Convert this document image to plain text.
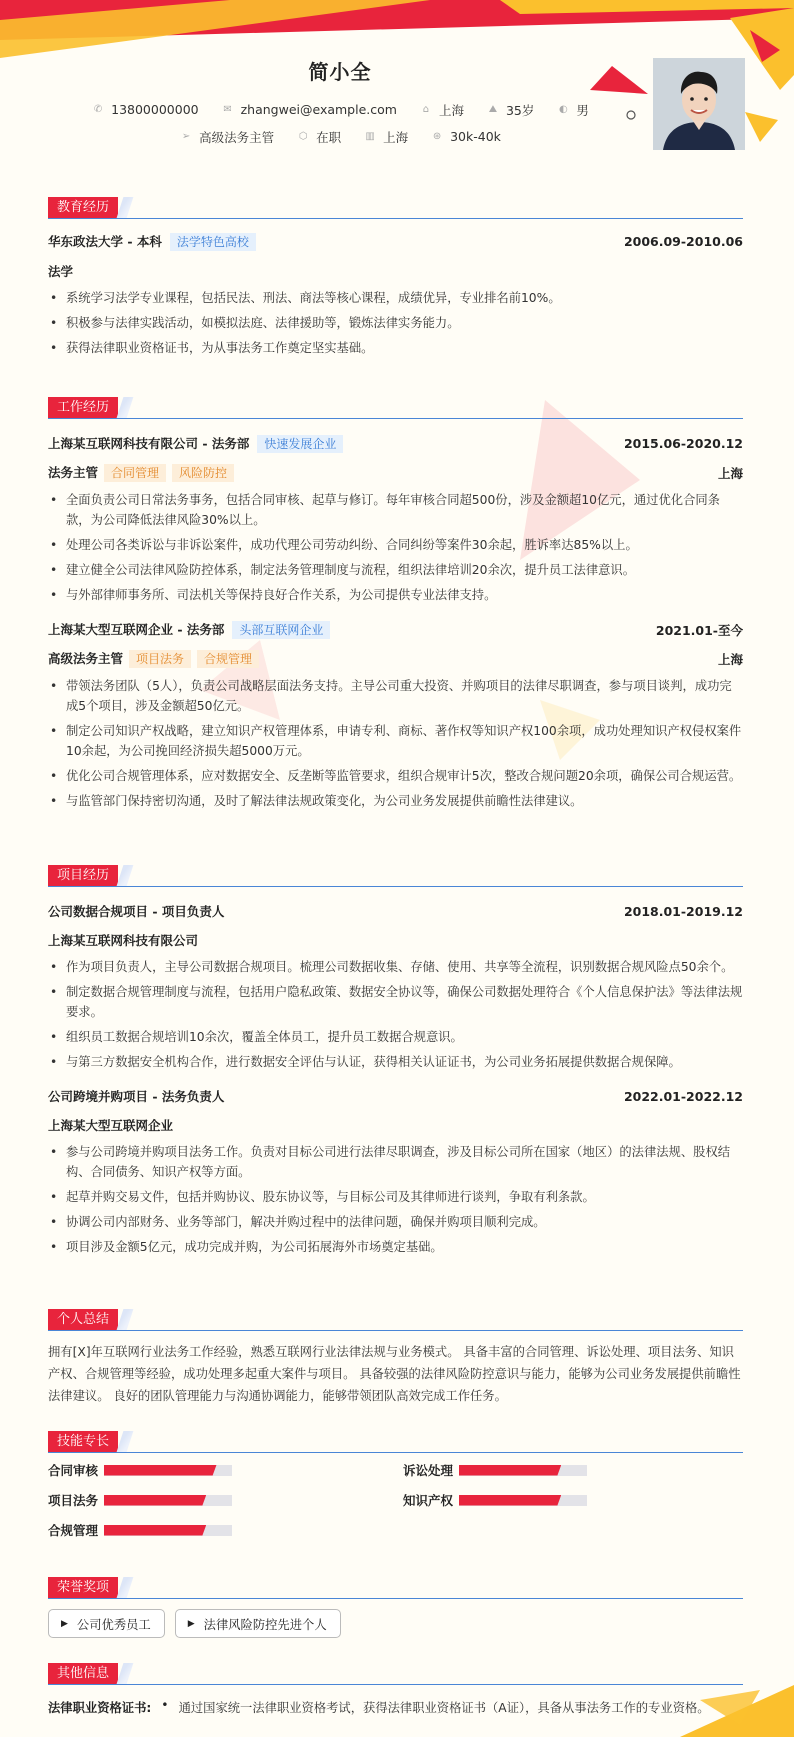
简小全
✆ 13800000000
✉ zhangwei@example.com
	⌂ 上海
⛰ 35岁
◐ 男
➢ 高级法务主管
⬡ 在职
▥ 上海
⊛ 30k-40k
教育经历
华东政法大学 - 本科 法学特色高校	2006.09-2010.06
法学
• 系统学习法学专业课程，包括民法、刑法、商法等核心课程，成绩优异，专业排名前10%。
• 积极参与法律实践活动，如模拟法庭、法律援助等，锻炼法律实务能力。
• 获得法律职业资格证书，为从事法务工作奠定坚实基础。
工作经历
上海某互联网科技有限公司 - 法务部 快速发展企业	2015.06-2020.12
法务主管 合同管理 风险防控	上海
• 全面负责公司日常法务事务，包括合同审核、起草与修订。每年审核合同超500份，涉及金额超10亿元，通过优化合同条款，为公司降低法律风险30%以上。
• 处理公司各类诉讼与非诉讼案件，成功代理公司劳动纠纷、合同纠纷等案件30余起，胜诉率达85%以上。
• 建立健全公司法律风险防控体系，制定法务管理制度与流程，组织法律培训20余次，提升员工法律意识。
• 与外部律师事务所、司法机关等保持良好合作关系，为公司提供专业法律支持。
上海某大型互联网企业 - 法务部 头部互联网企业	2021.01-至今
高级法务主管 项目法务 合规管理	上海
• 带领法务团队（5人），负责公司战略层面法务支持。主导公司重大投资、并购项目的法律尽职调查，参与项目谈判，成功完成5个项目，涉及金额超50亿元。
• 制定公司知识产权战略，建立知识产权管理体系，申请专利、商标、著作权等知识产权100余项，成功处理知识产权侵权案件10余起，为公司挽回经济损失超5000万元。
• 优化公司合规管理体系，应对数据安全、反垄断等监管要求，组织合规审计5次，整改合规问题20余项，确保公司合规运营。
• 与监管部门保持密切沟通，及时了解法律法规政策变化，为公司业务发展提供前瞻性法律建议。
项目经历
公司数据合规项目 - 项目负责人	2018.01-2019.12
上海某互联网科技有限公司
• 作为项目负责人，主导公司数据合规项目。梳理公司数据收集、存储、使用、共享等全流程，识别数据合规风险点50余个。
• 制定数据合规管理制度与流程，包括用户隐私政策、数据安全协议等，确保公司数据处理符合《个人信息保护法》等法律法规要求。
• 组织员工数据合规培训10余次，覆盖全体员工，提升员工数据合规意识。
• 与第三方数据安全机构合作，进行数据安全评估与认证，获得相关认证证书，为公司业务拓展提供数据合规保障。
公司跨境并购项目 - 法务负责人	2022.01-2022.12
上海某大型互联网企业
• 参与公司跨境并购项目法务工作。负责对目标公司进行法律尽职调查，涉及目标公司所在国家（地区）的法律法规、股权结构、合同债务、知识产权等方面。
• 起草并购交易文件，包括并购协议、股东协议等，与目标公司及其律师进行谈判，争取有利条款。
• 协调公司内部财务、业务等部门，解决并购过程中的法律问题，确保并购项目顺利完成。
• 项目涉及金额5亿元，成功完成并购，为公司拓展海外市场奠定基础。
个人总结
拥有[X]年互联网行业法务工作经验，熟悉互联网行业法律法规与业务模式。 具备丰富的合同管理、诉讼处理、项目法务、知识产权、合规管理等经验，成功处理多起重大案件与项目。 具备较强的法律风险防控意识与能力，能够为公司业务发展提供前瞻性法律建议。 良好的团队管理能力与沟通协调能力，能够带领团队高效完成工作任务。
技能专长
合同审核	诉讼处理
项目法务	知识产权
合规管理
荣誉奖项
▶ 公司优秀员工	▶ 法律风险防控先进个人
其他信息
法律职业资格证书: • 通过国家统一法律职业资格考试，获得法律职业资格证书（A证），具备从事法务工作的专业资格。
